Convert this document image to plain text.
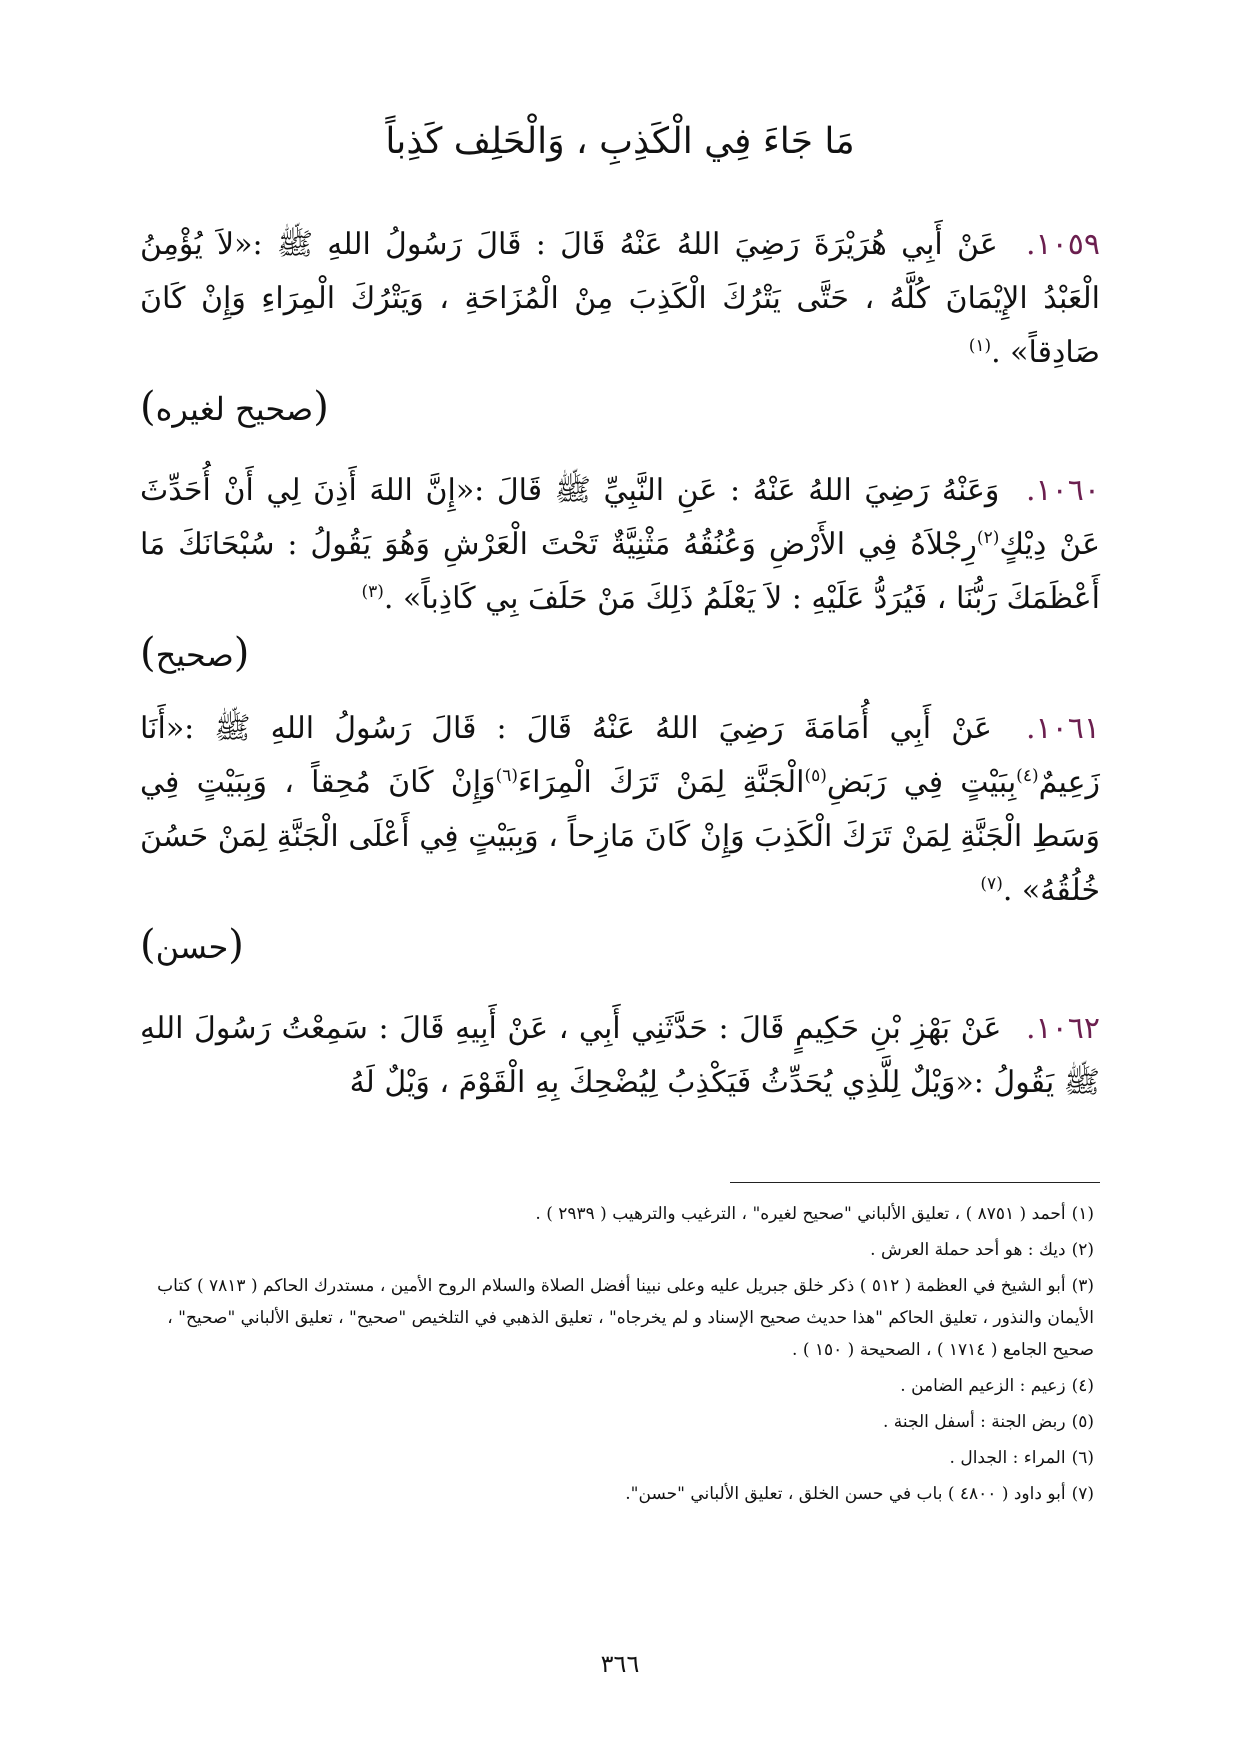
مَا جَاءَ فِي الْكَذِبِ ، وَالْحَلِف كَذِباً
١٠٥٩. عَنْ أَبِي هُرَيْرَةَ رَضِيَ اللهُ عَنْهُ قَالَ : قَالَ رَسُولُ اللهِ ﷺ :«لاَ يُؤْمِنُ الْعَبْدُ الإِيْمَانَ كُلَّهُ ، حَتَّى يَتْرُكَ الْكَذِبَ مِنْ الْمُزَاحَةِ ، وَيَتْرُكَ الْمِرَاءِ وَإِنْ كَانَ صَادِقاً» .$^{(١)}$
(صحيح لغيره)
١٠٦٠. وَعَنْهُ رَضِيَ اللهُ عَنْهُ : عَنِ النَّبِيِّ ﷺ قَالَ :«إِنَّ اللهَ أَذِنَ لِي أَنْ أُحَدِّثَ عَنْ دِيْكٍ$^{(٢)}$رِجْلاَهُ فِي الأَرْضِ وَعُنُقُهُ مَثْنِيَّةٌ تَحْتَ الْعَرْشِ وَهُوَ يَقُولُ : سُبْحَانَكَ مَا أَعْظَمَكَ رَبُّنَا ، فَيُرَدُّ عَلَيْهِ : لاَ يَعْلَمُ ذَلِكَ مَنْ حَلَفَ بِي كَاذِباً» .$^{(٣)}$
(صحيح)
١٠٦١. عَنْ أَبِي أُمَامَةَ رَضِيَ اللهُ عَنْهُ قَالَ : قَالَ رَسُولُ اللهِ ﷺ :«أَنَا زَعِيمٌ$^{(٤)}$بِبَيْتٍ فِي رَبَضِ$^{(٥)}$الْجَنَّةِ لِمَنْ تَرَكَ الْمِرَاءَ$^{(٦)}$وَإِنْ كَانَ مُحِقاً ، وَبِبَيْتٍ فِي وَسَطِ الْجَنَّةِ لِمَنْ تَرَكَ الْكَذِبَ وَإِنْ كَانَ مَازِحاً ، وَبِبَيْتٍ فِي أَعْلَى الْجَنَّةِ لِمَنْ حَسُنَ خُلُقُهُ» .$^{(٧)}$
(حسن)
١٠٦٢. عَنْ بَهْزِ بْنِ حَكِيمٍ قَالَ : حَدَّثَنِي أَبِي ، عَنْ أَبِيهِ قَالَ : سَمِعْتُ رَسُولَ اللهِ ﷺ يَقُولُ :«وَيْلٌ لِلَّذِي يُحَدِّثُ فَيَكْذِبُ لِيُضْحِكَ بِهِ الْقَوْمَ ، وَيْلٌ لَهُ
(١)أحمد ( ٨٧٥١ ) ، تعليق الألباني "صحيح لغيره" ، الترغيب والترهيب ( ٢٩٣٩ ) .
(٢)ديك : هو أحد حملة العرش .
(٣)أبو الشيخ في العظمة ( ٥١٢ ) ذكر خلق جبريل عليه وعلى نبينا أفضل الصلاة والسلام الروح الأمين ، مستدرك الحاكم ( ٧٨١٣ ) كتاب الأيمان والنذور ، تعليق الحاكم "هذا حديث صحيح الإسناد و لم يخرجاه" ، تعليق الذهبي في التلخيص "صحيح" ، تعليق الألباني "صحيح" ، صحيح الجامع ( ١٧١٤ ) ، الصحيحة ( ١٥٠ ) .
(٤)زعيم : الزعيم الضامن .
(٥)ربض الجنة : أسفل الجنة .
(٦)المراء : الجدال .
(٧)أبو داود ( ٤٨٠٠ ) باب في حسن الخلق ، تعليق الألباني "حسن".
٣٦٦
